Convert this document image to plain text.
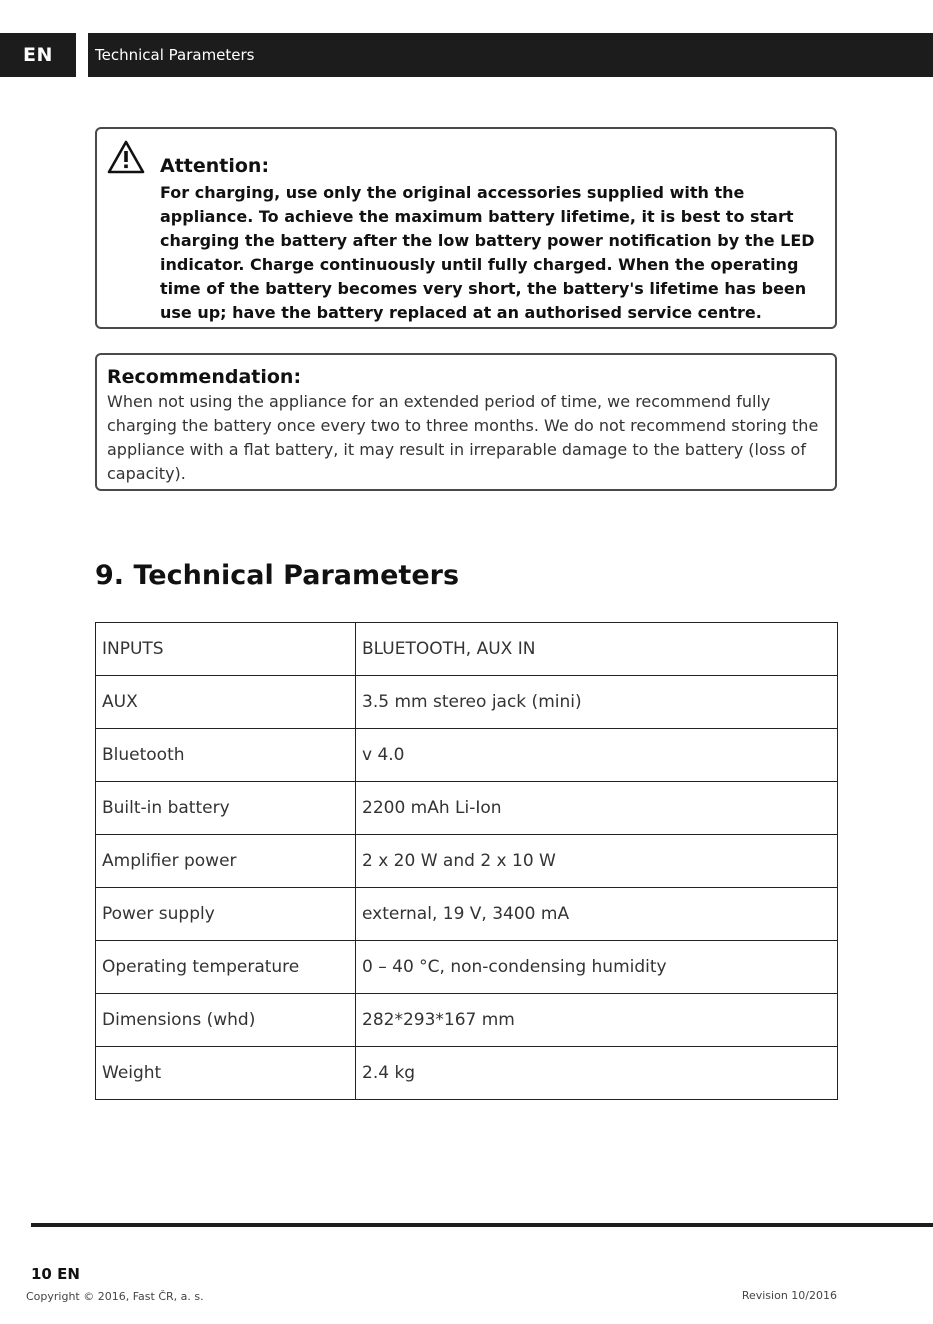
EN	Technical Parameters
Attention:
For charging, use only the original accessories supplied with the appliance. To achieve the maximum battery lifetime, it is best to start charging the battery after the low battery power notification by the LED indicator. Charge continuously until fully charged. When the operating time of the battery becomes very short, the battery's lifetime has been use up; have the battery replaced at an authorised service centre.
Recommendation:
When not using the appliance for an extended period of time, we recommend fully charging the battery once every two to three months. We do not recommend storing the appliance with a flat battery, it may result in irreparable damage to the battery (loss of capacity).
9. Technical Parameters
INPUTS	BLUETOOTH, AUX IN
AUX	3.5 mm stereo jack (mini)
Bluetooth	v 4.0
Built-in battery	2200 mAh Li-Ion
Amplifier power	2 x 20 W and 2 x 10 W
Power supply	external, 19 V, 3400 mA
Operating temperature	0 – 40 °C, non-condensing humidity
Dimensions (whd)	282*293*167 mm
Weight	2.4 kg
10 EN
Copyright © 2016, Fast ČR, a. s.	Revision 10/2016
